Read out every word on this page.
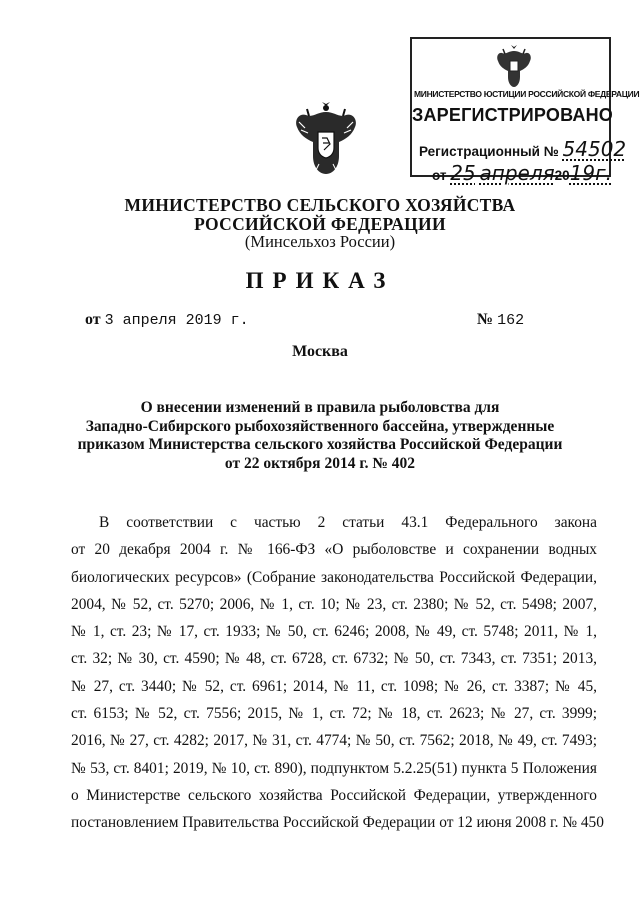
МИНИСТЕРСТВО ЮСТИЦИИ РОССИЙСКОЙ ФЕДЕРАЦИИ
ЗАРЕГИСТРИРОВАНО
Регистрационный № 54502
от 25 апреля2019г.
МИНИСТЕРСТВО СЕЛЬСКОГО ХОЗЯЙСТВА
РОССИЙСКОЙ ФЕДЕРАЦИИ
(Минсельхоз России)
ПРИКАЗ
от 3 апреля 2019 г.	№ 162
Москва
О внесении изменений в правила рыболовства для
Западно-Сибирского рыбохозяйственного бассейна, утвержденные
приказом Министерства сельского хозяйства Российской Федерации
от 22 октября 2014 г. № 402
В соответствии с частью 2 статьи 43.1 Федерального закона
от 20 декабря 2004 г. № 166-ФЗ «О рыболовстве и сохранении водных
биологических ресурсов» (Собрание законодательства Российской Федерации,
2004, № 52, ст. 5270; 2006, № 1, ст. 10; № 23, ст. 2380; № 52, ст. 5498; 2007,
№ 1, ст. 23; № 17, ст. 1933; № 50, ст. 6246; 2008, № 49, ст. 5748; 2011, № 1,
ст. 32; № 30, ст. 4590; № 48, ст. 6728, ст. 6732; № 50, ст. 7343, ст. 7351; 2013,
№ 27, ст. 3440; № 52, ст. 6961; 2014, № 11, ст. 1098; № 26, ст. 3387; № 45,
ст. 6153; № 52, ст. 7556; 2015, № 1, ст. 72; № 18, ст. 2623; № 27, ст. 3999;
2016, № 27, ст. 4282; 2017, № 31, ст. 4774; № 50, ст. 7562; 2018, № 49, ст. 7493;
№ 53, ст. 8401; 2019, № 10, ст. 890), подпунктом 5.2.25(51) пункта 5 Положения
о Министерстве сельского хозяйства Российской Федерации, утвержденного
постановлением Правительства Российской Федерации от 12 июня 2008 г. № 450
